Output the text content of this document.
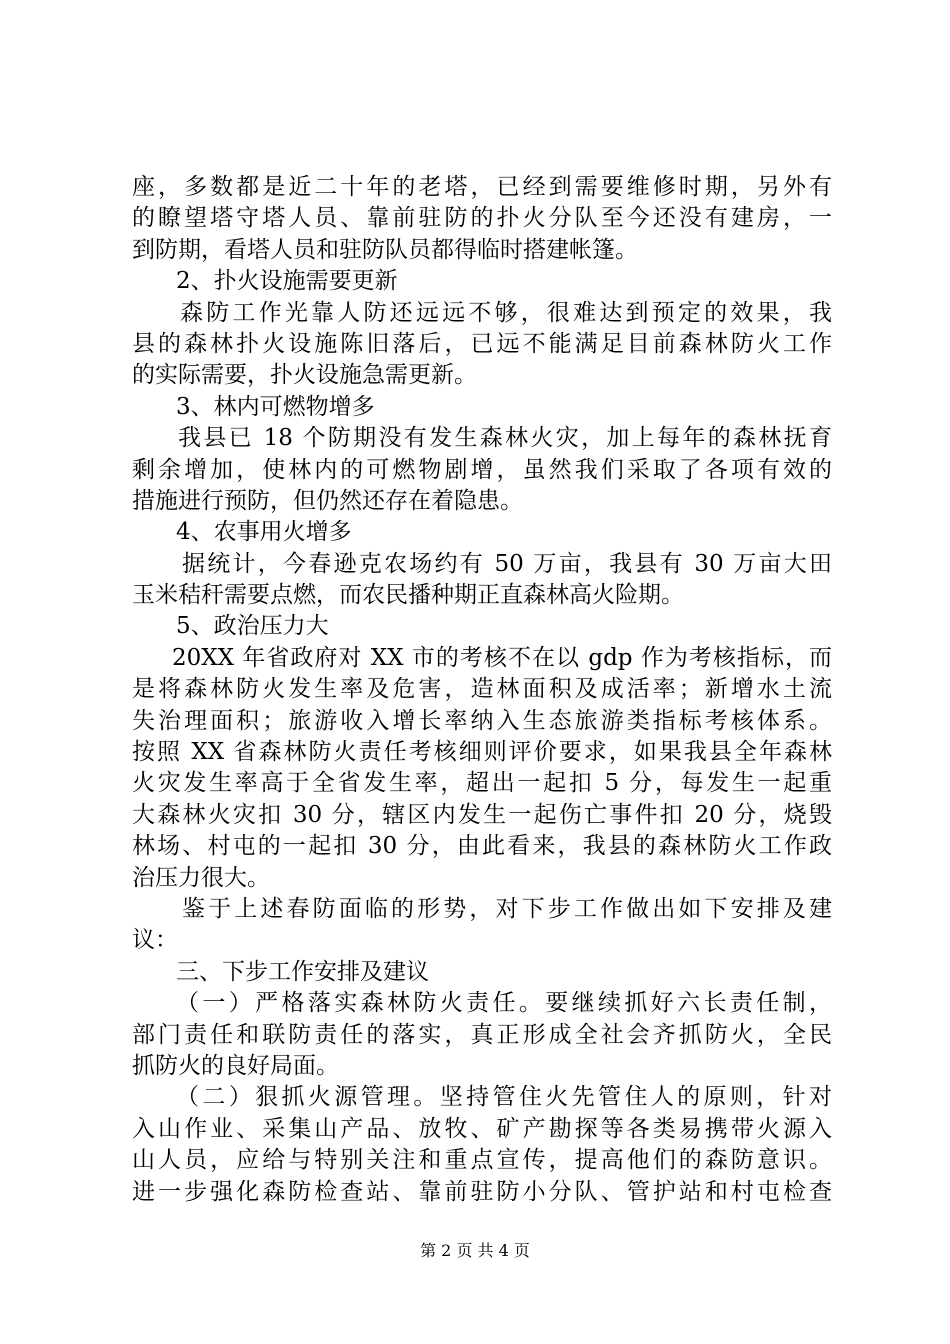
座，多数都是近二十年的老塔，已经到需要维修时期，另外有
的瞭望塔守塔人员、靠前驻防的扑火分队至今还没有建房，一
到防期，看塔人员和驻防队员都得临时搭建帐篷。
2、扑火设施需要更新
森防工作光靠人防还远远不够，很难达到预定的效果，我
县的森林扑火设施陈旧落后，已远不能满足目前森林防火工作
的实际需要，扑火设施急需更新。
3、林内可燃物增多
我县已 18 个防期没有发生森林火灾，加上每年的森林抚育
剩余增加，使林内的可燃物剧增，虽然我们采取了各项有效的
措施进行预防，但仍然还存在着隐患。
4、农事用火增多
据统计，今春逊克农场约有 50 万亩，我县有 30 万亩大田
玉米秸秆需要点燃，而农民播种期正直森林高火险期。
5、政治压力大
20XX 年省政府对 XX 市的考核不在以 gdp 作为考核指标，而
是将森林防火发生率及危害，造林面积及成活率；新增水土流
失治理面积；旅游收入增长率纳入生态旅游类指标考核体系。
按照 XX 省森林防火责任考核细则评价要求，如果我县全年森林
火灾发生率高于全省发生率，超出一起扣 5 分，每发生一起重
大森林火灾扣 30 分，辖区内发生一起伤亡事件扣 20 分，烧毁
林场、村屯的一起扣 30 分，由此看来，我县的森林防火工作政
治压力很大。
鉴于上述春防面临的形势，对下步工作做出如下安排及建
议：
三、下步工作安排及建议
（一）严格落实森林防火责任。要继续抓好六长责任制，
部门责任和联防责任的落实，真正形成全社会齐抓防火，全民
抓防火的良好局面。
（二）狠抓火源管理。坚持管住火先管住人的原则，针对
入山作业、采集山产品、放牧、矿产勘探等各类易携带火源入
山人员，应给与特别关注和重点宣传，提高他们的森防意识。
进一步强化森防检查站、靠前驻防小分队、管护站和村屯检查
第 2 页 共 4 页
